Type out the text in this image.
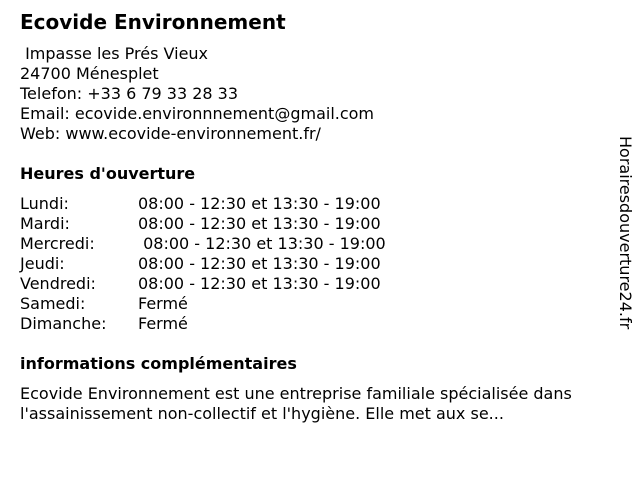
Ecovide Environnement
Impasse les Prés Vieux
24700 Ménesplet
Telefon: +33 6 79 33 28 33
Email: ecovide.environnnement@gmail.com
Web: www.ecovide-environnement.fr/
Heures d'ouverture
Lundi:	08:00 - 12:30 et 13:30 - 19:00
Mardi:	08:00 - 12:30 et 13:30 - 19:00
Mercredi:	08:00 - 12:30 et 13:30 - 19:00
Jeudi:	08:00 - 12:30 et 13:30 - 19:00
Vendredi:	08:00 - 12:30 et 13:30 - 19:00
Samedi:	Fermé
Dimanche:	Fermé
informations complémentaires
Ecovide Environnement est une entreprise familiale spécialisée dans l'assainissement non-collectif et l'hygiène. Elle met aux se...
Horairesdouverture24.fr
